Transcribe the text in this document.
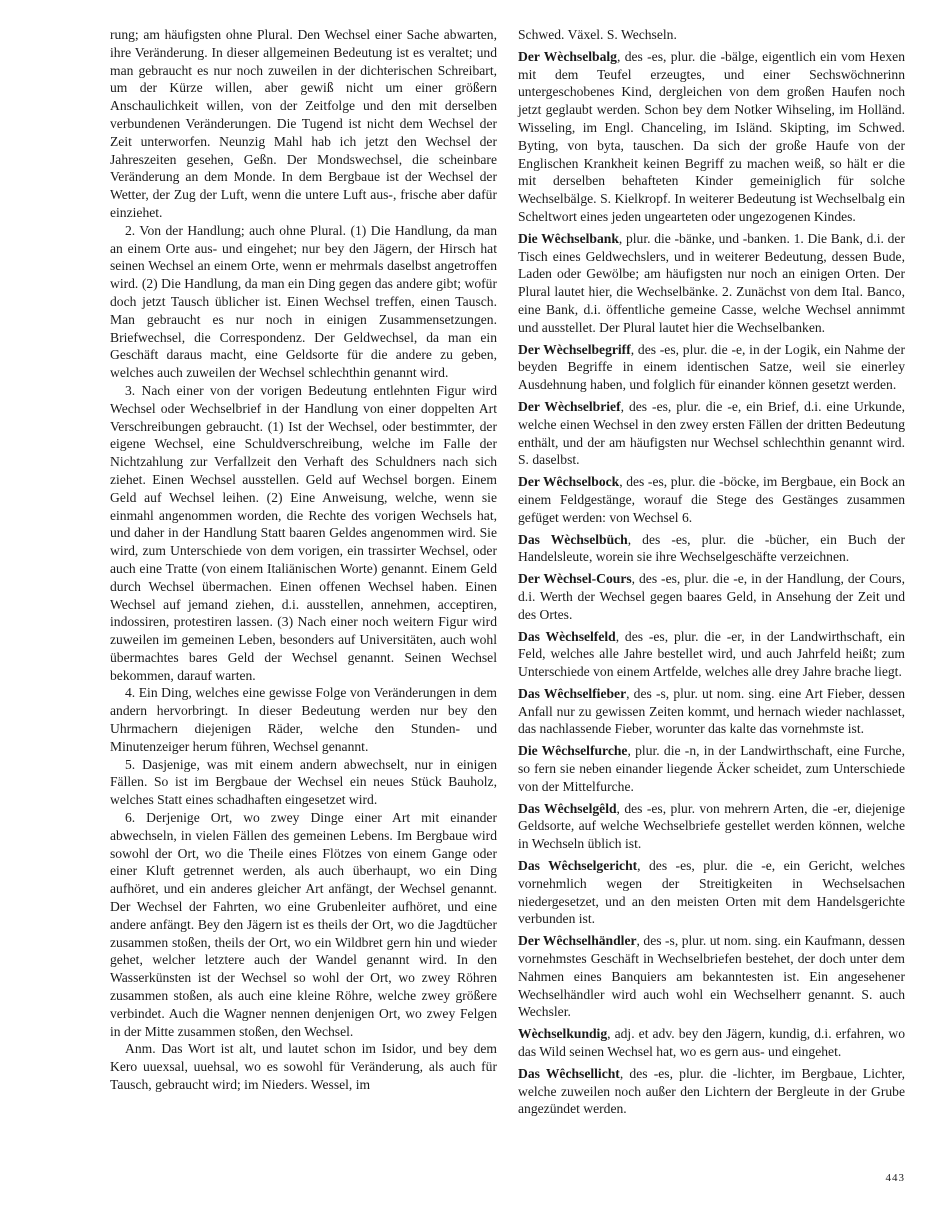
rung; am häufigsten ohne Plural. Den Wechsel einer Sache abwarten, ihre Veränderung. In dieser allgemeinen Bedeutung ist es veraltet; und man gebraucht es nur noch zuweilen in der dichterischen Schreibart, um der Kürze willen, aber gewiß nicht um einer größern Anschaulichkeit willen, von der Zeitfolge und den mit derselben verbundenen Veränderungen. Die Tugend ist nicht dem Wechsel der Zeit unterworfen. Neunzig Mahl hab ich jetzt den Wechsel der Jahreszeiten gesehen, Geßn. Der Mondswechsel, die scheinbare Veränderung an dem Monde. In dem Bergbaue ist der Wechsel der Wetter, der Zug der Luft, wenn die untere Luft aus-, frische aber dafür einziehet.

2. Von der Handlung; auch ohne Plural. (1) Die Handlung, da man an einem Orte aus- und eingehet; nur bey den Jägern, der Hirsch hat seinen Wechsel an einem Orte, wenn er mehrmals daselbst angetroffen wird. (2) Die Handlung, da man ein Ding gegen das andere gibt; wofür doch jetzt Tausch üblicher ist. Einen Wechsel treffen, einen Tausch. Man gebraucht es nur noch in einigen Zusammensetzungen. Briefwechsel, die Correspondenz. Der Geldwechsel, da man ein Geschäft daraus macht, eine Geldsorte für die andere zu geben, welches auch zuweilen der Wechsel schlechthin genannt wird.

3. Nach einer von der vorigen Bedeutung entlehnten Figur wird Wechsel oder Wechselbrief in der Handlung von einer doppelten Art Verschreibungen gebraucht. (1) Ist der Wechsel, oder bestimmter, der eigene Wechsel, eine Schuldverschreibung, welche im Falle der Nichtzahlung zur Verfallzeit den Verhaft des Schuldners nach sich ziehet. Einen Wechsel ausstellen. Geld auf Wechsel borgen. Einem Geld auf Wechsel leihen. (2) Eine Anweisung, welche, wenn sie einmahl angenommen worden, die Rechte des vorigen Wechsels hat, und daher in der Handlung Statt baaren Geldes angenommen wird. Sie wird, zum Unterschiede von dem vorigen, ein trassirter Wechsel, oder auch eine Tratte (von einem Italiänischen Worte) genannt. Einem Geld durch Wechsel übermachen. Einen offenen Wechsel haben. Einen Wechsel auf jemand ziehen, d.i. ausstellen, annehmen, acceptiren, indossiren, protestiren lassen. (3) Nach einer noch weitern Figur wird zuweilen im gemeinen Leben, besonders auf Universitäten, auch wohl übermachtes bares Geld der Wechsel genannt. Seinen Wechsel bekommen, darauf warten.

4. Ein Ding, welches eine gewisse Folge von Veränderungen in dem andern hervorbringt. In dieser Bedeutung werden nur bey den Uhrmachern diejenigen Räder, welche den Stunden- und Minutenzeiger herum führen, Wechsel genannt.

5. Dasjenige, was mit einem andern abwechselt, nur in einigen Fällen. So ist im Bergbaue der Wechsel ein neues Stück Bauholz, welches Statt eines schadhaften eingesetzet wird.

6. Derjenige Ort, wo zwey Dinge einer Art mit einander abwechseln, in vielen Fällen des gemeinen Lebens. Im Bergbaue wird sowohl der Ort, wo die Theile eines Flötzes von einem Gange oder einer Kluft getrennet werden, als auch überhaupt, wo ein Ding aufhöret, und ein anderes gleicher Art anfängt, der Wechsel genannt. Der Wechsel der Fahrten, wo eine Grubenleiter aufhöret, und eine andere anfängt. Bey den Jägern ist es theils der Ort, wo die Jagdtücher zusammen stoßen, theils der Ort, wo ein Wildbret gern hin und wieder gehet, welcher letztere auch der Wandel genannt wird. In den Wasserkünsten ist der Wechsel so wohl der Ort, wo zwey Röhren zusammen stoßen, als auch eine kleine Röhre, welche zwey größere verbindet. Auch die Wagner nennen denjenigen Ort, wo zwey Felgen in der Mitte zusammen stoßen, den Wechsel.

Anm. Das Wort ist alt, und lautet schon im Isidor, und bey dem Kero uuexsal, uuehsal, wo es sowohl für Veränderung, als auch für Tausch, gebraucht wird; im Nieders. Wessel, im

Schwed. Växel. S. Wechseln.

Der Wèchselbalg, des -es, plur. die -bälge, eigentlich ein vom Hexen mit dem Teufel erzeugtes, und einer Sechswöchnerinn untergeschobenes Kind, dergleichen von dem großen Haufen noch jetzt geglaubt werden. Schon bey dem Notker Wihseling, im Holländ. Wisseling, im Engl. Chanceling, im Isländ. Skipting, im Schwed. Byting, von byta, tauschen. Da sich der große Haufe von der Englischen Krankheit keinen Begriff zu machen weiß, so hält er die mit derselben behafteten Kinder gemeiniglich für solche Wechselbälge. S. Kielkropf. In weiterer Bedeutung ist Wechselbalg ein Scheltwort eines jeden ungearteten oder ungezogenen Kindes.

Die Wêchselbank, plur. die -bänke, und -banken. 1. Die Bank, d.i. der Tisch eines Geldwechslers, und in weiterer Bedeutung, dessen Bude, Laden oder Gewölbe; am häufigsten nur noch an einigen Orten. Der Plural lautet hier, die Wechselbänke. 2. Zunächst von dem Ital. Banco, eine Bank, d.i. öffentliche gemeine Casse, welche Wechsel annimmt und ausstellet. Der Plural lautet hier die Wechselbanken.

Der Wèchselbegriff, des -es, plur. die -e, in der Logik, ein Nahme der beyden Begriffe in einem identischen Satze, weil sie einerley Ausdehnung haben, und folglich für einander können gesetzt werden.

Der Wèchselbrief, des -es, plur. die -e, ein Brief, d.i. eine Urkunde, welche einen Wechsel in den zwey ersten Fällen der dritten Bedeutung enthält, und der am häufigsten nur Wechsel schlechthin genannt wird. S. daselbst.

Der Wêchselbock, des -es, plur. die -böcke, im Bergbaue, ein Bock an einem Feldgestänge, worauf die Stege des Gestänges zusammen gefüget werden: von Wechsel 6.

Das Wèchselbüch, des -es, plur. die -bücher, ein Buch der Handelsleute, worein sie ihre Wechselgeschäfte verzeichnen.

Der Wèchsel-Cours, des -es, plur. die -e, in der Handlung, der Cours, d.i. Werth der Wechsel gegen baares Geld, in Ansehung der Zeit und des Ortes.

Das Wèchselfeld, des -es, plur. die -er, in der Landwirthschaft, ein Feld, welches alle Jahre bestellet wird, und auch Jahrfeld heißt; zum Unterschiede von einem Artfelde, welches alle drey Jahre brache liegt.

Das Wêchselfieber, des -s, plur. ut nom. sing. eine Art Fieber, dessen Anfall nur zu gewissen Zeiten kommt, und hernach wieder nachlasset, das nachlassende Fieber, worunter das kalte das vornehmste ist.

Die Wêchselfurche, plur. die -n, in der Landwirthschaft, eine Furche, so fern sie neben einander liegende Äcker scheidet, zum Unterschiede von der Mittelfurche.

Das Wêchselgêld, des -es, plur. von mehrern Arten, die -er, diejenige Geldsorte, auf welche Wechselbriefe gestellet werden können, welche in Wechseln üblich ist.

Das Wêchselgericht, des -es, plur. die -e, ein Gericht, welches vornehmlich wegen der Streitigkeiten in Wechselsachen niedergesetzet, und an den meisten Orten mit dem Handelsgerichte verbunden ist.

Der Wêchselhändler, des -s, plur. ut nom. sing. ein Kaufmann, dessen vornehmstes Geschäft in Wechselbriefen bestehet, der doch unter dem Nahmen eines Banquiers am bekanntesten ist. Ein angesehener Wechselhändler wird auch wohl ein Wechselherr genannt. S. auch Wechsler.

Wèchselkundig, adj. et adv. bey den Jägern, kundig, d.i. erfahren, wo das Wild seinen Wechsel hat, wo es gern aus- und eingehet.

Das Wêchsellicht, des -es, plur. die -lichter, im Bergbaue, Lichter, welche zuweilen noch außer den Lichtern der Bergleute in der Grube angezündet werden.

443
